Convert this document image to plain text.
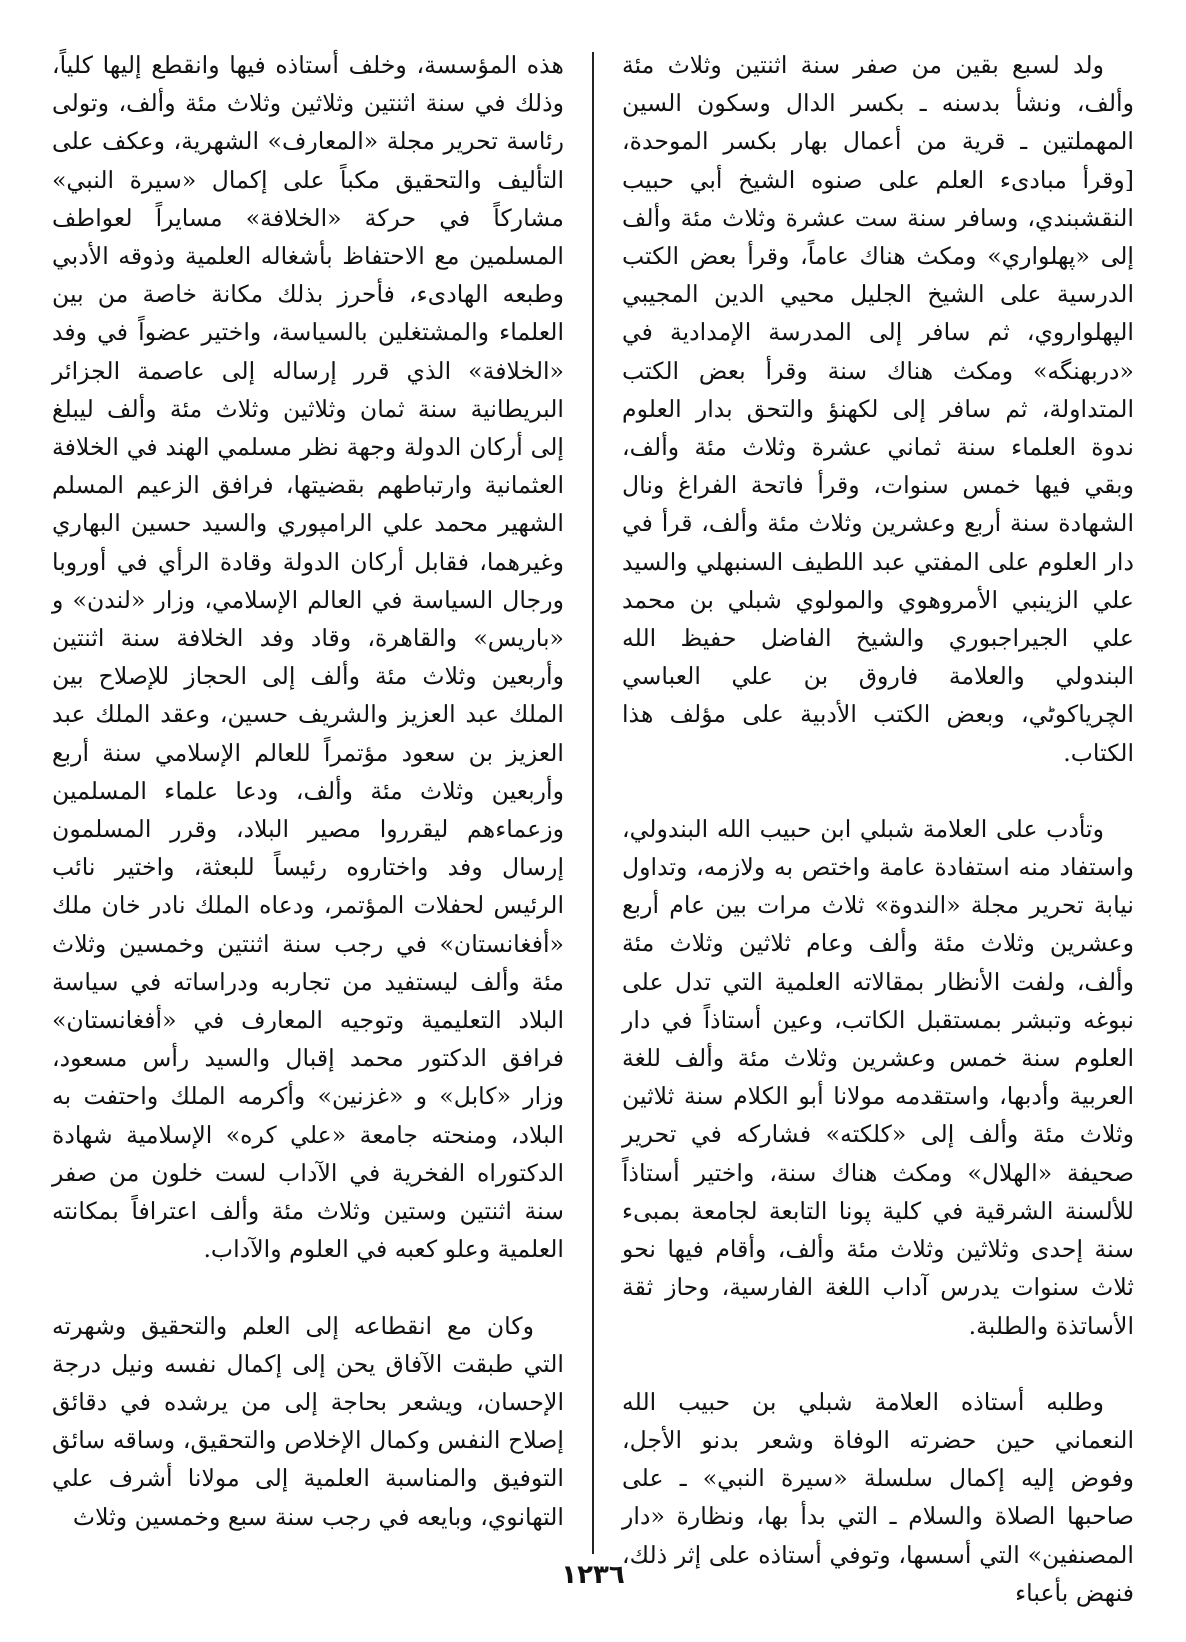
ولد لسبع بقين من صفر سنة اثنتين وثلاث مئة وألف، ونشأ بدسنه ـ بكسر الدال وسكون السين المهملتين ـ قرية من أعمال بهار بكسر الموحدة، [وقرأ مبادىء العلم على صنوه الشيخ أبي حبيب النقشبندي، وسافر سنة ست عشرة وثلاث مئة وألف إلى «پهلواري» ومكث هناك عاماً، وقرأ بعض الكتب الدرسية على الشيخ الجليل محيي الدين المجيبي الپهلواروي، ثم سافر إلى المدرسة الإمدادية في «دربهنگه» ومكث هناك سنة وقرأ بعض الكتب المتداولة، ثم سافر إلى لكهنؤ والتحق بدار العلوم ندوة العلماء سنة ثماني عشرة وثلاث مئة وألف، وبقي فيها خمس سنوات، وقرأ فاتحة الفراغ ونال الشهادة سنة أربع وعشرين وثلاث مئة وألف، قرأ في دار العلوم على المفتي عبد اللطيف السنبهلي والسيد علي الزينبي الأمروهوي والمولوي شبلي بن محمد علي الجيراجبوري والشيخ الفاضل حفيظ الله البندولي والعلامة فاروق بن علي العباسي الچرياكوٹي، وبعض الكتب الأدبية على مؤلف هذا الكتاب.

وتأدب على العلامة شبلي ابن حبيب الله البندولي، واستفاد منه استفادة عامة واختص به ولازمه، وتداول نيابة تحرير مجلة «الندوة» ثلاث مرات بين عام أربع وعشرين وثلاث مئة وألف وعام ثلاثين وثلاث مئة وألف، ولفت الأنظار بمقالاته العلمية التي تدل على نبوغه وتبشر بمستقبل الكاتب، وعين أستاذاً في دار العلوم سنة خمس وعشرين وثلاث مئة وألف للغة العربية وأدبها، واستقدمه مولانا أبو الكلام سنة ثلاثين وثلاث مئة وألف إلى «كلكته» فشاركه في تحرير صحيفة «الهلال» ومكث هناك سنة، واختير أستاذاً للألسنة الشرقية في كلية پونا التابعة لجامعة بمبىء سنة إحدى وثلاثين وثلاث مئة وألف، وأقام فيها نحو ثلاث سنوات يدرس آداب اللغة الفارسية، وحاز ثقة الأساتذة والطلبة.

وطلبه أستاذه العلامة شبلي بن حبيب الله النعماني حين حضرته الوفاة وشعر بدنو الأجل، وفوض إليه إكمال سلسلة «سيرة النبي» ـ على صاحبها الصلاة والسلام ـ التي بدأ بها، ونظارة «دار المصنفين» التي أسسها، وتوفي أستاذه على إثر ذلك، فنهض بأعباء

هذه المؤسسة، وخلف أستاذه فيها وانقطع إليها كلياً، وذلك في سنة اثنتين وثلاثين وثلاث مئة وألف، وتولى رئاسة تحرير مجلة «المعارف» الشهرية، وعكف على التأليف والتحقيق مكباً على إكمال «سيرة النبي» مشاركاً في حركة «الخلافة» مسايراً لعواطف المسلمين مع الاحتفاظ بأشغاله العلمية وذوقه الأدبي وطبعه الهادىء، فأحرز بذلك مكانة خاصة من بين العلماء والمشتغلين بالسياسة، واختير عضواً في وفد «الخلافة» الذي قرر إرساله إلى عاصمة الجزائر البريطانية سنة ثمان وثلاثين وثلاث مئة وألف ليبلغ إلى أركان الدولة وجهة نظر مسلمي الهند في الخلافة العثمانية وارتباطهم بقضيتها، فرافق الزعيم المسلم الشهير محمد علي الرامپوري والسيد حسين البهاري وغيرهما، فقابل أركان الدولة وقادة الرأي في أوروبا ورجال السياسة في العالم الإسلامي، وزار «لندن» و «باريس» والقاهرة، وقاد وفد الخلافة سنة اثنتين وأربعين وثلاث مئة وألف إلى الحجاز للإصلاح بين الملك عبد العزيز والشريف حسين، وعقد الملك عبد العزيز بن سعود مؤتمراً للعالم الإسلامي سنة أربع وأربعين وثلاث مئة وألف، ودعا علماء المسلمين وزعماءهم ليقرروا مصير البلاد، وقرر المسلمون إرسال وفد واختاروه رئيساً للبعثة، واختير نائب الرئيس لحفلات المؤتمر، ودعاه الملك نادر خان ملك «أفغانستان» في رجب سنة اثنتين وخمسين وثلاث مئة وألف ليستفيد من تجاربه ودراساته في سياسة البلاد التعليمية وتوجيه المعارف في «أفغانستان» فرافق الدكتور محمد إقبال والسيد رأس مسعود، وزار «كابل» و «غزنين» وأكرمه الملك واحتفت به البلاد، ومنحته جامعة «علي كره» الإسلامية شهادة الدكتوراه الفخرية في الآداب لست خلون من صفر سنة اثنتين وستين وثلاث مئة وألف اعترافاً بمكانته العلمية وعلو كعبه في العلوم والآداب.

وكان مع انقطاعه إلى العلم والتحقيق وشهرته التي طبقت الآفاق يحن إلى إكمال نفسه ونيل درجة الإحسان، ويشعر بحاجة إلى من يرشده في دقائق إصلاح النفس وكمال الإخلاص والتحقيق، وساقه سائق التوفيق والمناسبة العلمية إلى مولانا أشرف علي التهانوي، وبايعه في رجب سنة سبع وخمسين وثلاث

١٢٣٦
